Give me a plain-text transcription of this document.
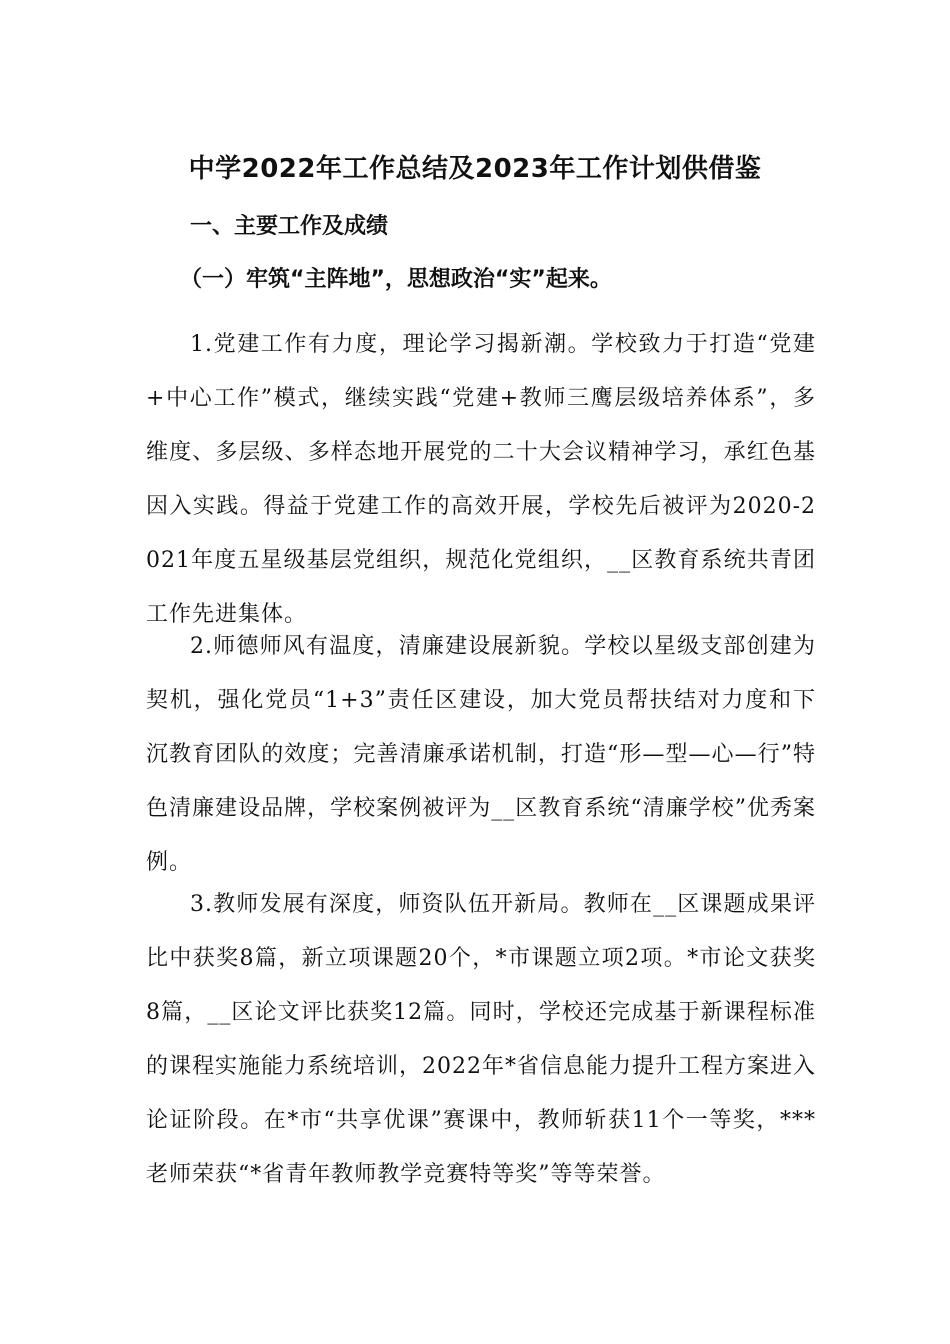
中学2022年工作总结及2023年工作计划供借鉴
一、主要工作及成绩
（一）牢筑“主阵地”，思想政治“实”起来。

1.党建工作有力度，理论学习揭新潮。学校致力于打造“党建+中心工作”模式，继续实践“党建+教师三鹰层级培养体系”，多维度、多层级、多样态地开展党的二十大会议精神学习，承红色基因入实践。得益于党建工作的高效开展，学校先后被评为2020-2021年度五星级基层党组织，规范化党组织，__区教育系统共青团工作先进集体。

2.师德师风有温度，清廉建设展新貌。学校以星级支部创建为契机，强化党员“1+3”责任区建设，加大党员帮扶结对力度和下沉教育团队的效度；完善清廉承诺机制，打造“形—型—心—行”特色清廉建设品牌，学校案例被评为__区教育系统“清廉学校”优秀案例。

3.教师发展有深度，师资队伍开新局。教师在__区课题成果评比中获奖8篇，新立项课题20个，*市课题立项2项。*市论文获奖8篇，__区论文评比获奖12篇。同时，学校还完成基于新课程标准的课程实施能力系统培训，2022年*省信息能力提升工程方案进入论证阶段。在*市“共享优课”赛课中，教师斩获11个一等奖，***老师荣获“*省青年教师教学竞赛特等奖”等等荣誉。
